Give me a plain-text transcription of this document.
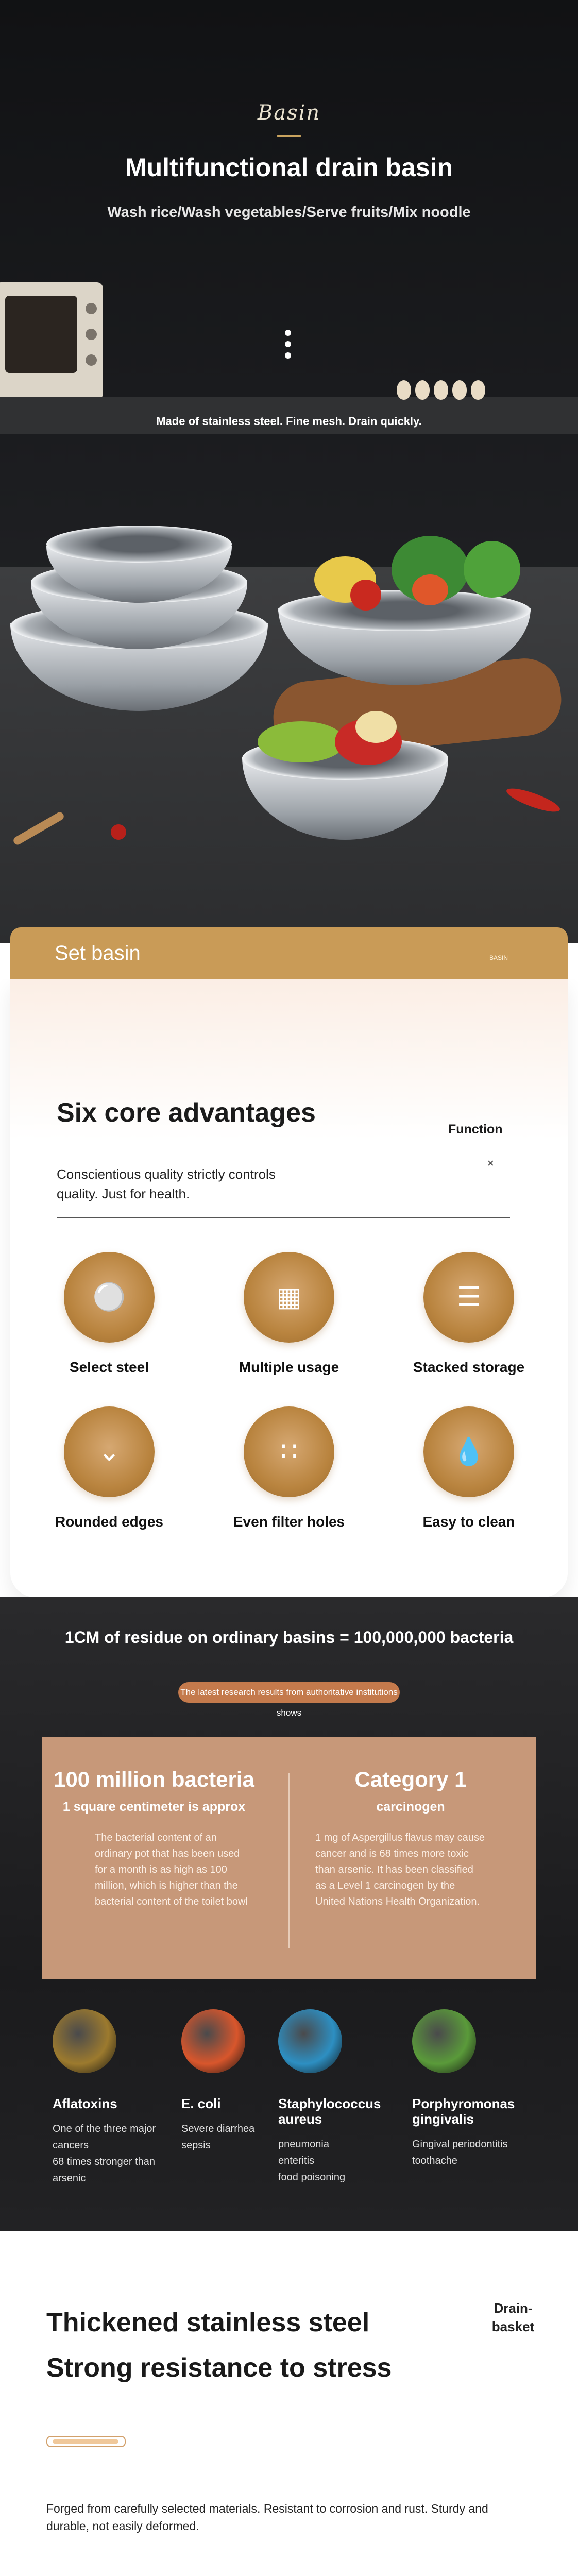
Basin
Multifunctional drain basin
Wash rice/Wash vegetables/Serve fruits/Mix noodle
Made of stainless steel. Fine mesh. Drain quickly.
Set basin	BASIN
Six core advantages
Function
×
Conscientious quality strictly controls quality. Just for health.
⚪
Select steel
▦
Multiple usage
☰
Stacked storage
⌄
Rounded edges
∷
Even filter holes
💧
Easy to clean
1CM of residue on ordinary basins = 100,000,000 bacteria
The latest research results from authoritative institutions shows
100 million bacteria
1 square centimeter is approx
The bacterial content of an ordinary pot that has been used for a month is as high as 100 million, which is higher than the bacterial content of the toilet bowl
Category 1
carcinogen
1 mg of Aspergillus flavus may cause cancer and is 68 times more toxic than arsenic. It has been classified as a Level 1 carcinogen by the United Nations Health Organization.
Aflatoxins
One of the three major cancers
68 times stronger than arsenic
E. coli
Severe diarrhea
sepsis
Staphylococcus aureus
pneumonia
enteritis
food poisoning
Porphyromonas gingivalis
Gingival periodontitis
toothache
Thickened stainless steel
Strong resistance to stress
Drain-basket
Forged from carefully selected materials. Resistant to corrosion and rust. Sturdy and durable, not easily deformed.
